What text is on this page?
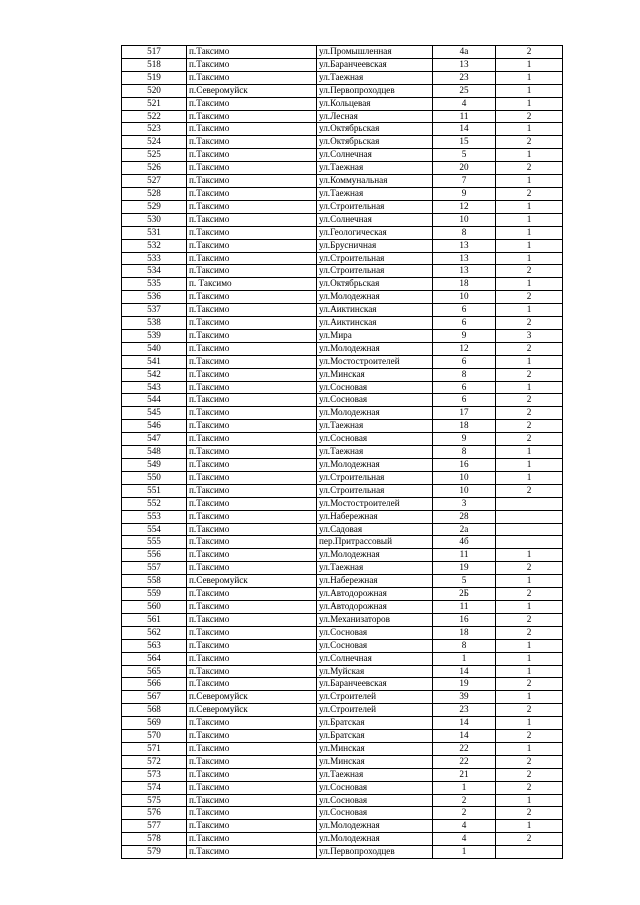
517	п.Таксимо	ул.Промышленная	4а	2
518	п.Таксимо	ул.Баранчеевская	13	1
519	п.Таксимо	ул.Таежная	23	1
520	п.Северомуйск	ул.Первопроходцев	25	1
521	п.Таксимо	ул.Кольцевая	4	1
522	п.Таксимо	ул.Лесная	11	2
523	п.Таксимо	ул.Октябрьская	14	1
524	п.Таксимо	ул.Октябрьская	15	2
525	п.Таксимо	ул.Солнечная	5	1
526	п.Таксимо	ул.Таежная	20	2
527	п.Таксимо	ул.Коммунальная	7	1
528	п.Таксимо	ул.Таежная	9	2
529	п.Таксимо	ул.Строительная	12	1
530	п.Таксимо	ул.Солнечная	10	1
531	п.Таксимо	ул.Геологическая	8	1
532	п.Таксимо	ул.Брусничная	13	1
533	п.Таксимо	ул.Строительная	13	1
534	п.Таксимо	ул.Строительная	13	2
535	п. Таксимо	ул.Октябрьская	18	1
536	п.Таксимо	ул.Молодежная	10	2
537	п.Таксимо	ул.Аиктинская	6	1
538	п.Таксимо	ул.Аиктинская	6	2
539	п.Таксимо	ул.Мира	9	3
540	п.Таксимо	ул.Молодежная	12	2
541	п.Таксимо	ул.Мостостроителей	6	1
542	п.Таксимо	ул.Минская	8	2
543	п.Таксимо	ул.Сосновая	6	1
544	п.Таксимо	ул.Сосновая	6	2
545	п.Таксимо	ул.Молодежная	17	2
546	п.Таксимо	ул.Таежная	18	2
547	п.Таксимо	ул.Сосновая	9	2
548	п.Таксимо	ул.Таежная	8	1
549	п.Таксимо	ул.Молодежная	16	1
550	п.Таксимо	ул.Строительная	10	1
551	п.Таксимо	ул.Строительная	10	2
552	п.Таксимо	ул.Мостостроителей	3	
553	п.Таксимо	ул.Набережная	28	
554	п.Таксимо	ул.Садовая	2а	
555	п.Таксимо	пер.Притрассовый	4б	
556	п.Таксимо	ул.Молодежная	11	1
557	п.Таксимо	ул.Таежная	19	2
558	п.Северомуйск	ул.Набережная	5	1
559	п.Таксимо	ул.Автодорожная	2Б	2
560	п.Таксимо	ул.Автодорожная	11	1
561	п.Таксимо	ул.Механизаторов	16	2
562	п.Таксимо	ул.Сосновая	18	2
563	п.Таксимо	ул.Сосновая	8	1
564	п.Таксимо	ул.Солнечная	1	1
565	п.Таксимо	ул.Муйская	14	1
566	п.Таксимо	ул.Баранчеевская	19	2
567	п.Северомуйск	ул.Строителей	39	1
568	п.Северомуйск	ул.Строителей	23	2
569	п.Таксимо	ул.Братская	14	1
570	п.Таксимо	ул.Братская	14	2
571	п.Таксимо	ул.Минская	22	1
572	п.Таксимо	ул.Минская	22	2
573	п.Таксимо	ул.Таежная	21	2
574	п.Таксимо	ул.Сосновая	1	2
575	п.Таксимо	ул.Сосновая	2	1
576	п.Таксимо	ул.Сосновая	2	2
577	п.Таксимо	ул.Молодежная	4	1
578	п.Таксимо	ул.Молодежная	4	2
579	п.Таксимо	ул.Первопроходцев	1	
